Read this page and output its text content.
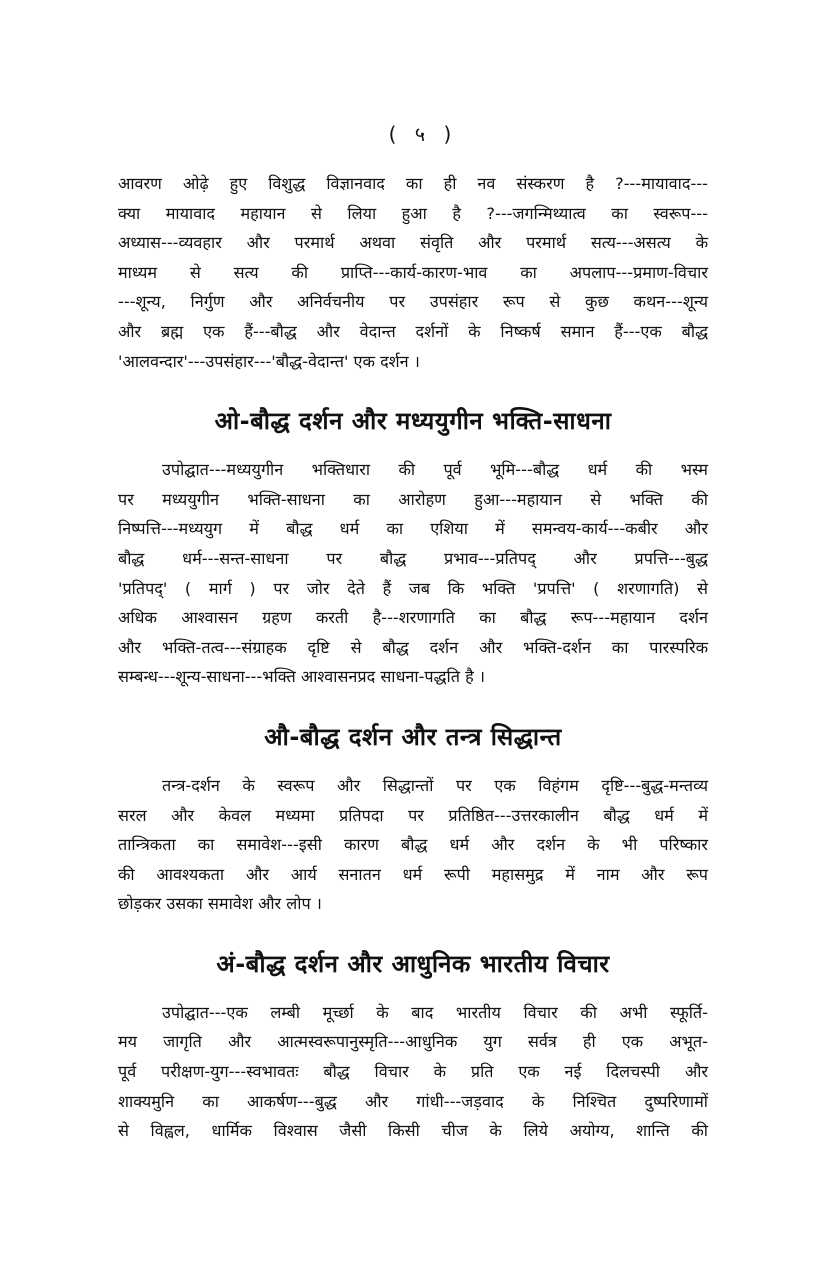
( ५ )

आवरण ओढ़े हुए विशुद्ध विज्ञानवाद का ही नव संस्करण है ?---मायावाद---
क्या मायावाद महायान से लिया हुआ है ?---जगन्मिथ्यात्व का स्वरूप---
अध्यास---व्यवहार और परमार्थ अथवा संवृति और परमार्थ सत्य---असत्य के
माध्यम से सत्य की प्राप्ति---कार्य-कारण-भाव का अपलाप---प्रमाण-विचार
---शून्य, निर्गुण और अनिर्वचनीय पर उपसंहार रूप से कुछ कथन---शून्य
और ब्रह्म एक हैं---बौद्ध और वेदान्त दर्शनों के निष्कर्ष समान हैं---एक बौद्ध
'आलवन्दार'---उपसंहार---'बौद्ध-वेदान्त' एक दर्शन ।

ओ-बौद्ध दर्शन और मध्ययुगीन भक्ति-साधना

उपोद्घात---मध्ययुगीन भक्तिधारा की पूर्व भूमि---बौद्ध धर्म की भस्म
पर मध्ययुगीन भक्ति-साधना का आरोहण हुआ---महायान से भक्ति की
निष्पत्ति---मध्ययुग में बौद्ध धर्म का एशिया में समन्वय-कार्य---कबीर और
बौद्ध धर्म---सन्त-साधना पर बौद्ध प्रभाव---प्रतिपद् और प्रपत्ति---बुद्ध
'प्रतिपद्' ( मार्ग ) पर जोर देते हैं जब कि भक्ति 'प्रपत्ति' ( शरणागति) से
अधिक आश्वासन ग्रहण करती है---शरणागति का बौद्ध रूप---महायान दर्शन
और भक्ति-तत्व---संग्राहक दृष्टि से बौद्ध दर्शन और भक्ति-दर्शन का पारस्परिक
सम्बन्ध---शून्य-साधना---भक्ति आश्वासनप्रद साधना-पद्धति है ।

औ-बौद्ध दर्शन और तन्त्र सिद्धान्त

तन्त्र-दर्शन के स्वरूप और सिद्धान्तों पर एक विहंगम दृष्टि---बुद्ध-मन्तव्य
सरल और केवल मध्यमा प्रतिपदा पर प्रतिष्ठित---उत्तरकालीन बौद्ध धर्म में
तान्त्रिकता का समावेश---इसी कारण बौद्ध धर्म और दर्शन के भी परिष्कार
की आवश्यकता और आर्य सनातन धर्म रूपी महासमुद्र में नाम और रूप
छोड़कर उसका समावेश और लोप ।

अं-बौद्ध दर्शन और आधुनिक भारतीय विचार

उपोद्घात---एक लम्बी मूर्च्छा के बाद भारतीय विचार की अभी स्फूर्ति-
मय जागृति और आत्मस्वरूपानुस्मृति---आधुनिक युग सर्वत्र ही एक अभूत-
पूर्व परीक्षण-युग---स्वभावतः बौद्ध विचार के प्रति एक नई दिलचस्पी और
शाक्यमुनि का आकर्षण---बुद्ध और गांधी---जड़वाद के निश्चित दुष्परिणामों
से विह्वल, धार्मिक विश्वास जैसी किसी चीज के लिये अयोग्य, शान्ति की
